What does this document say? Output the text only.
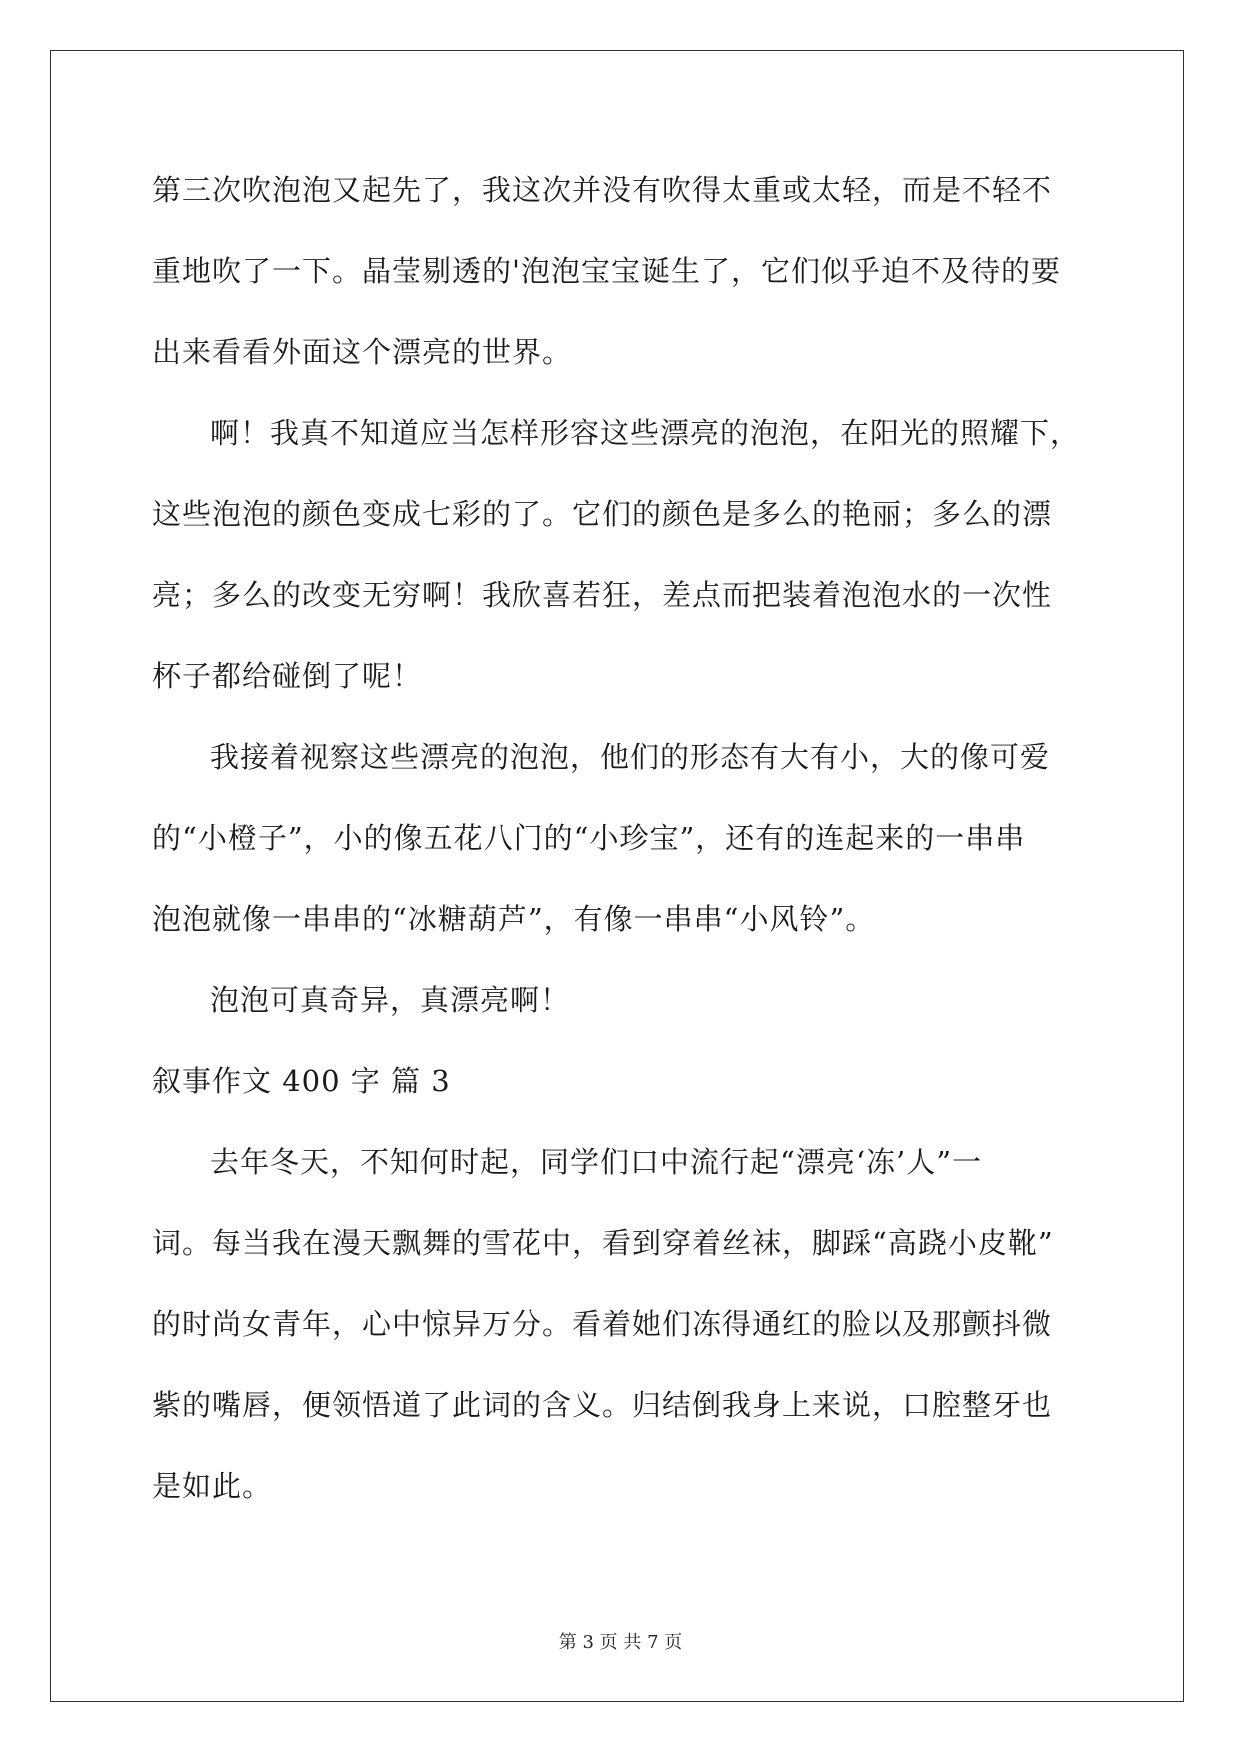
第三次吹泡泡又起先了，我这次并没有吹得太重或太轻，而是不轻不
重地吹了一下。晶莹剔透的'泡泡宝宝诞生了，它们似乎迫不及待的要
出来看看外面这个漂亮的世界。

啊！我真不知道应当怎样形容这些漂亮的泡泡，在阳光的照耀下，
这些泡泡的颜色变成七彩的了。它们的颜色是多么的艳丽；多么的漂
亮；多么的改变无穷啊！我欣喜若狂，差点而把装着泡泡水的一次性
杯子都给碰倒了呢！

我接着视察这些漂亮的泡泡，他们的形态有大有小，大的像可爱
的“小橙子”，小的像五花八门的“小珍宝”，还有的连起来的一串串
泡泡就像一串串的“冰糖葫芦”，有像一串串“小风铃”。

泡泡可真奇异，真漂亮啊！

叙事作文 400 字 篇 3

去年冬天，不知何时起，同学们口中流行起“漂亮‘冻’人”一
词。每当我在漫天飘舞的雪花中，看到穿着丝袜，脚踩“高跷小皮靴”
的时尚女青年，心中惊异万分。看着她们冻得通红的脸以及那颤抖微
紫的嘴唇，便领悟道了此词的含义。归结倒我身上来说，口腔整牙也
是如此。

第 3 页 共 7 页
